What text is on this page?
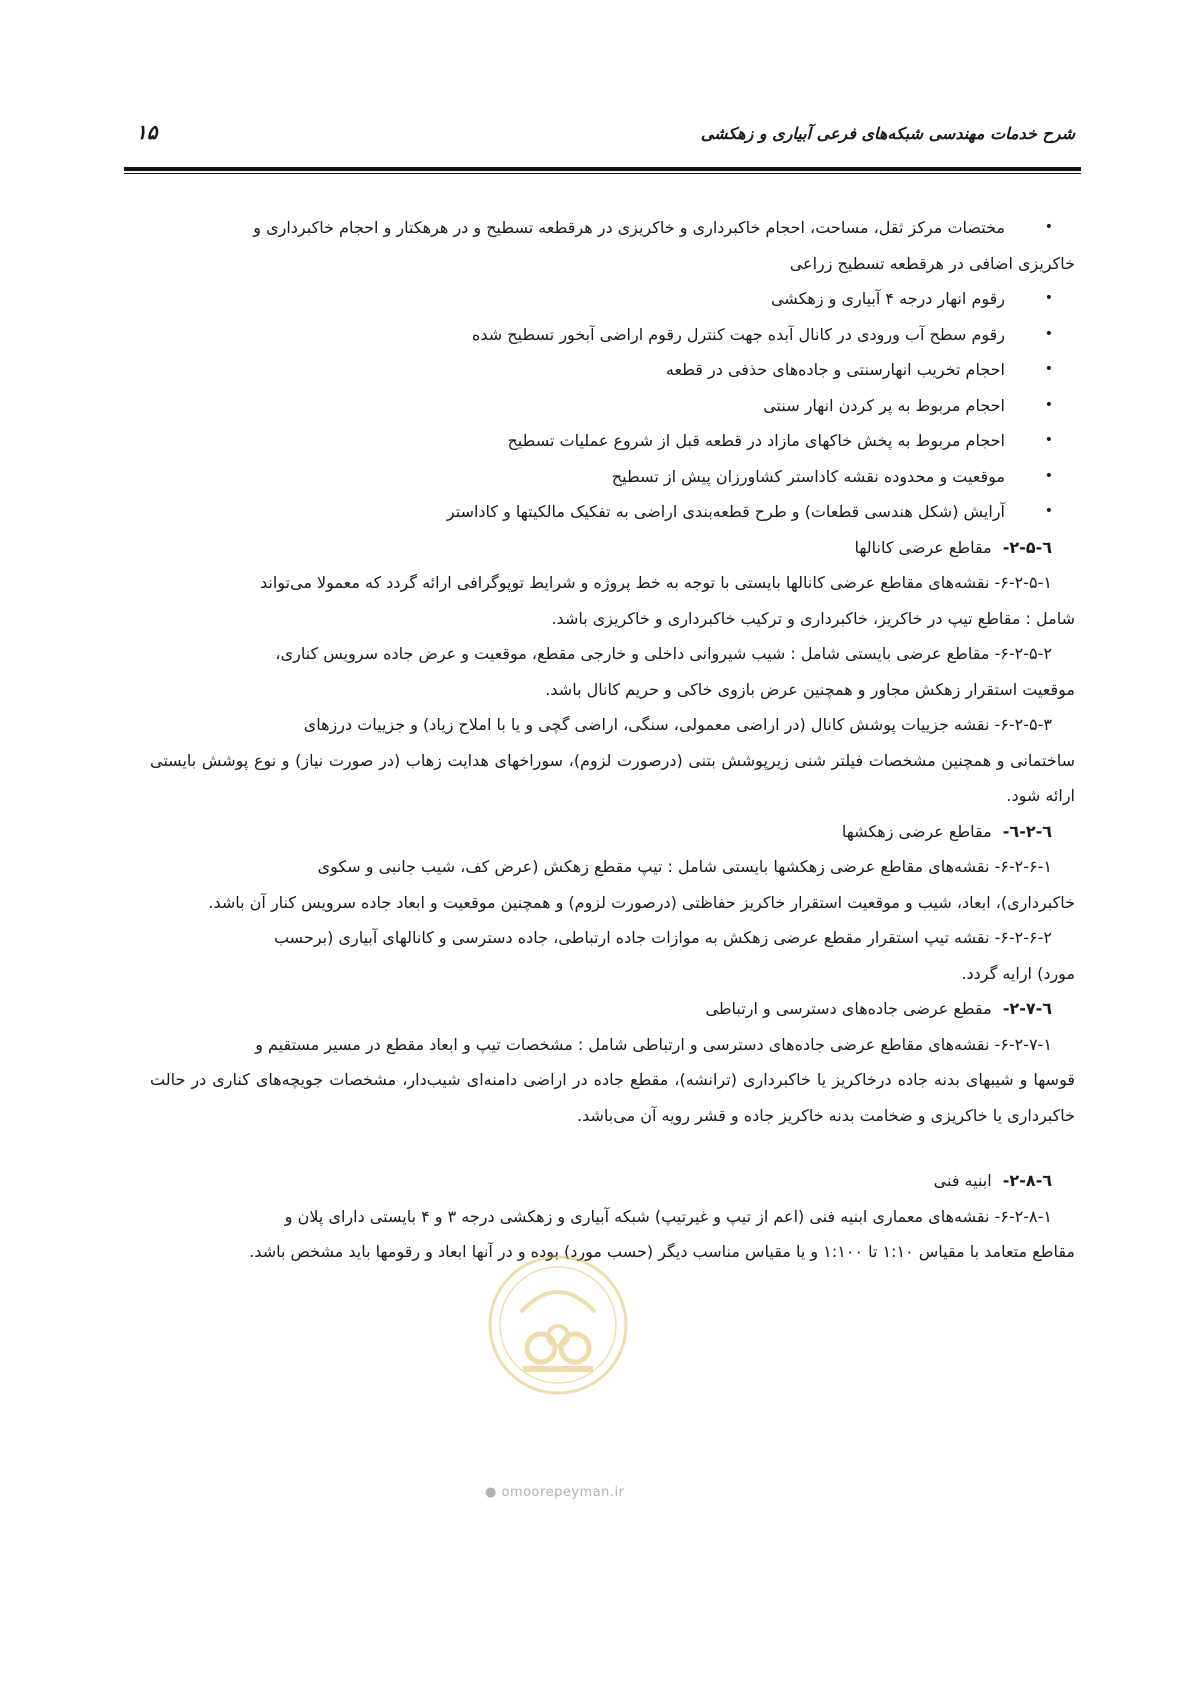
شرح خدمات مهندسی شبکه‌های فرعی آبیاری و زهکشی
۱۵
• مختصات مرکز ثقل، مساحت، احجام خاکبرداری و خاکریزی در هرقطعه تسطیح و در هرهکتار و احجام خاکبرداری و

خاکریزی اضافی در هرقطعه تسطیح زراعی

• رقوم انهار درجه ۴ آبیاری و زهکشی
• رقوم سطح آب ورودی در کانال آبده جهت کنترل رقوم اراضی آبخور تسطیح شده
• احجام تخریب انهارسنتی و جاده‌های حذفی در قطعه
• احجام مربوط به پر کردن انهار سنتی
• احجام مربوط به پخش خاکهای مازاد در قطعه قبل از شروع عملیات تسطیح
• موقعیت و محدوده نقشه کاداستر کشاورزان پیش از تسطیح
• آرایش (شکل هندسی قطعات) و طرح قطعه‌بندی اراضی به تفکیک مالکیتها و کاداستر

٦-۲-۵- مقاطع عرضی کانالها

۶-۲-۵-۱- نقشه‌های مقاطع عرضی کانالها بایستی با توجه به خط پروژه و شرایط توپوگرافی ارائه گردد که معمولا می‌تواند
شامل : مقاطع تیپ در خاکریز، خاکبرداری و ترکیب خاکبرداری و خاکریزی باشد.

۶-۲-۵-۲- مقاطع عرضی بایستی شامل : شیب شیروانی داخلی و خارجی مقطع، موقعیت و عرض جاده سرویس کناری،
موقعیت استقرار زهکش مجاور و همچنین عرض بازوی خاکی و حریم کانال باشد.

۶-۲-۵-۳- نقشه جزییات پوشش کانال (در اراضی معمولی، سنگی، اراضی گچی و یا با املاح زیاد) و جزییات درزهای
ساختمانی و همچنین مشخصات فیلتر شنی زیرپوشش بتنی (درصورت لزوم)، سوراخهای هدایت زهاب (در صورت نیاز) و نوع پوشش بایستی ارائه شود.

٦-۲-٦- مقاطع عرضی زهکشها

۶-۲-۶-۱- نقشه‌های مقاطع عرضی زهکشها بایستی شامل : تیپ مقطع زهکش (عرض کف، شیب جانبی و سکوی
خاکبرداری)، ابعاد، شیب و موقعیت استقرار خاکریز حفاظتی (درصورت لزوم) و همچنین موقعیت و ابعاد جاده سرویس کنار آن باشد.

۶-۲-۶-۲- نقشه تیپ استقرار مقطع عرضی زهکش به موازات جاده ارتباطی، جاده دسترسی و کانالهای آبیاری (برحسب
مورد) ارایه گردد.

٦-۲-۷- مقطع عرضی جاده‌های دسترسی و ارتباطی

۶-۲-۷-۱- نقشه‌های مقاطع عرضی جاده‌های دسترسی و ارتباطی شامل : مشخصات تیپ و ابعاد مقطع در مسیر مستقیم و
قوسها و شیبهای بدنه جاده درخاکریز یا خاکبرداری (ترانشه)، مقطع جاده در اراضی دامنه‌ای شیب‌دار، مشخصات جویچه‌های کناری در حالت خاکبرداری یا خاکریزی و ضخامت بدنه خاکریز جاده و قشر رویه آن می‌باشد.

٦-۲-۸- ابنیه فنی

۶-۲-۸-۱- نقشه‌های معماری ابنیه فنی (اعم از تیپ و غیرتیپ) شبکه آبیاری و زهکشی درجه ۳ و ۴ بایستی دارای پلان و
مقاطع متعامد با مقیاس ۱:۱۰ تا ۱:۱۰۰ و یا مقیاس مناسب دیگر (حسب مورد) بوده و در آنها ابعاد و رقومها باید مشخص باشد.

● omoorepeyman.ir
